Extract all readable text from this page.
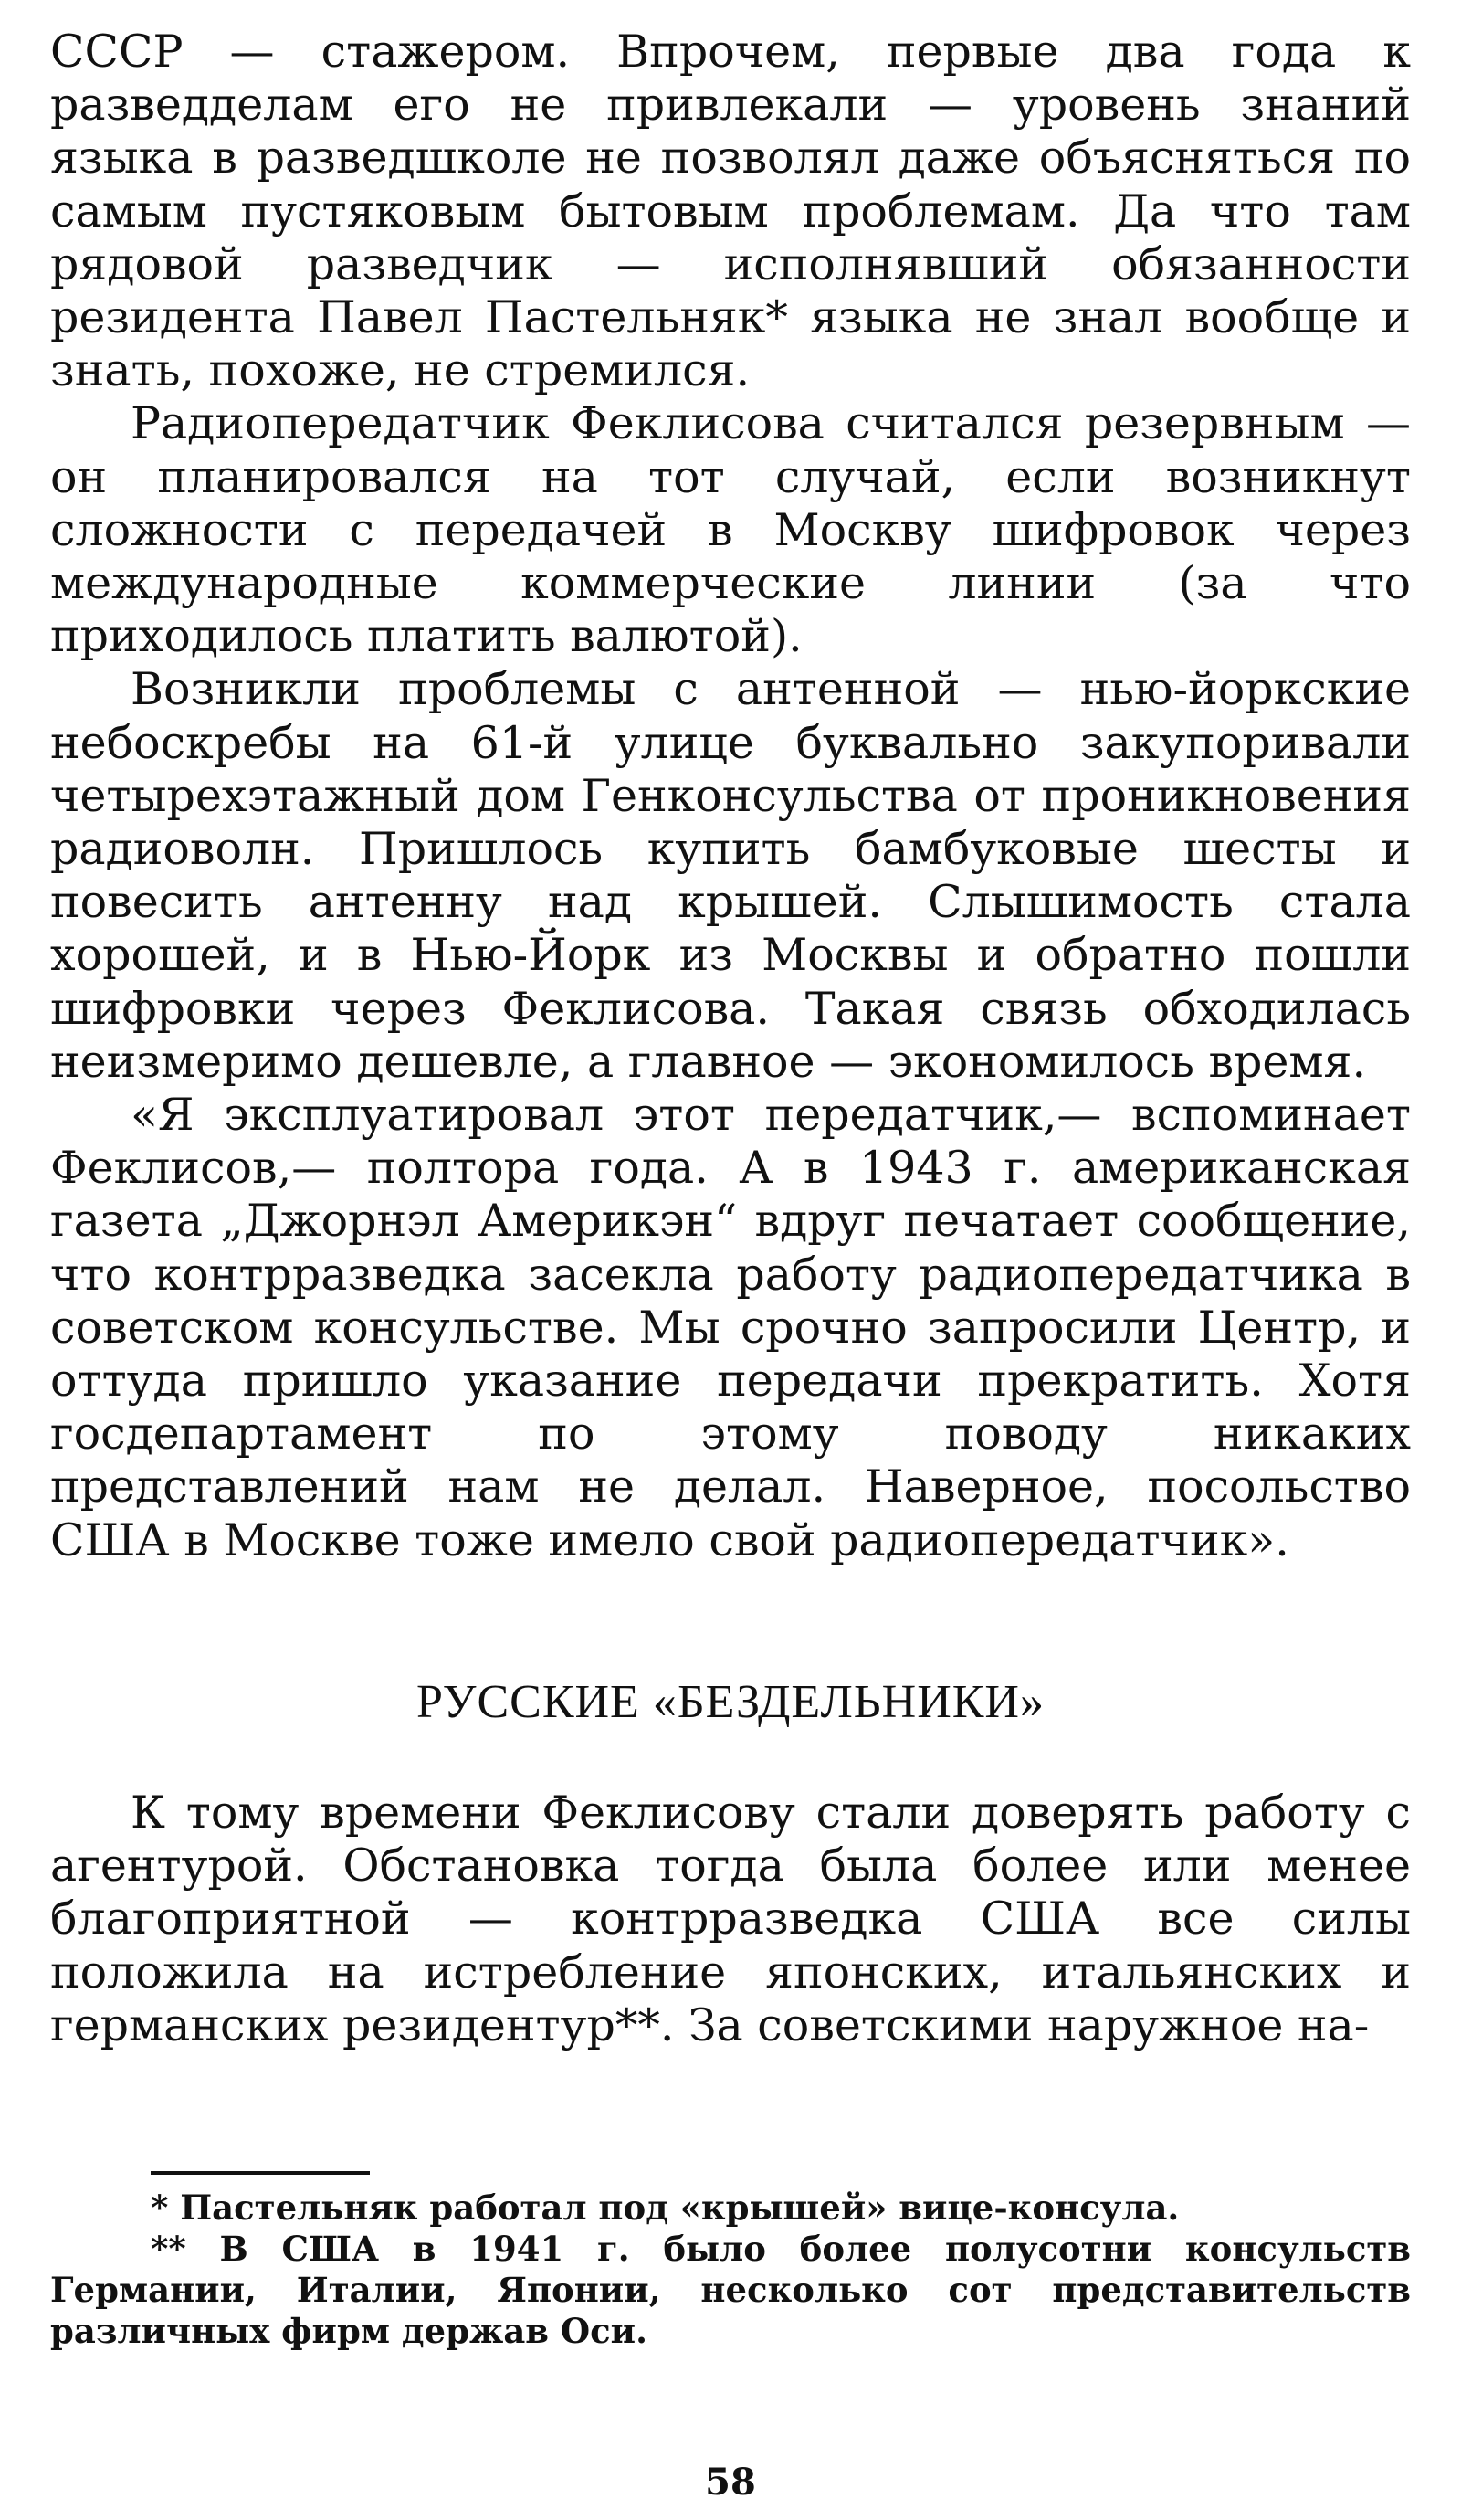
СССР — стажером. Впрочем, первые два года к разведделам его не привлекали — уровень знаний языка в разведшколе не позволял даже объясняться по самым пустяковым бытовым проблемам. Да что там рядовой разведчик — исполнявший обязанности резидента Павел Пастельняк* языка не знал вообще и знать, похоже, не стремился.

Радиопередатчик Феклисова считался резервным — он планировался на тот случай, если возникнут сложности с передачей в Москву шифровок через международные коммерческие линии (за что приходилось платить валютой).

Возникли проблемы с антенной — нью-йоркские небоскребы на 61-й улице буквально закупоривали четырехэтажный дом Генконсульства от проникновения радиоволн. Пришлось купить бамбуковые шесты и повесить антенну над крышей. Слышимость стала хорошей, и в Нью-Йорк из Москвы и обратно пошли шифровки через Феклисова. Такая связь обходилась неизмеримо дешевле, а главное — экономилось время.

«Я эксплуатировал этот передатчик,— вспоминает Феклисов,— полтора года. А в 1943 г. американская газета „Джорнэл Америкэн“ вдруг печатает сообщение, что контрразведка засекла работу радиопередатчика в советском консульстве. Мы срочно запросили Центр, и оттуда пришло указание передачи прекратить. Хотя госдепартамент по этому поводу никаких представлений нам не делал. Наверное, посольство США в Москве тоже имело свой радиопередатчик».

РУССКИЕ «БЕЗДЕЛЬНИКИ»

К тому времени Феклисову стали доверять работу с агентурой. Обстановка тогда была более или менее благоприятной — контрразведка США все силы положила на истребление японских, итальянских и германских резидентур**. За советскими наружное на-

* Пастельняк работал под «крышей» вице-консула.

** В США в 1941 г. было более полусотни консульств Германии, Италии, Японии, несколько сот представительств различных фирм держав Оси.

58
